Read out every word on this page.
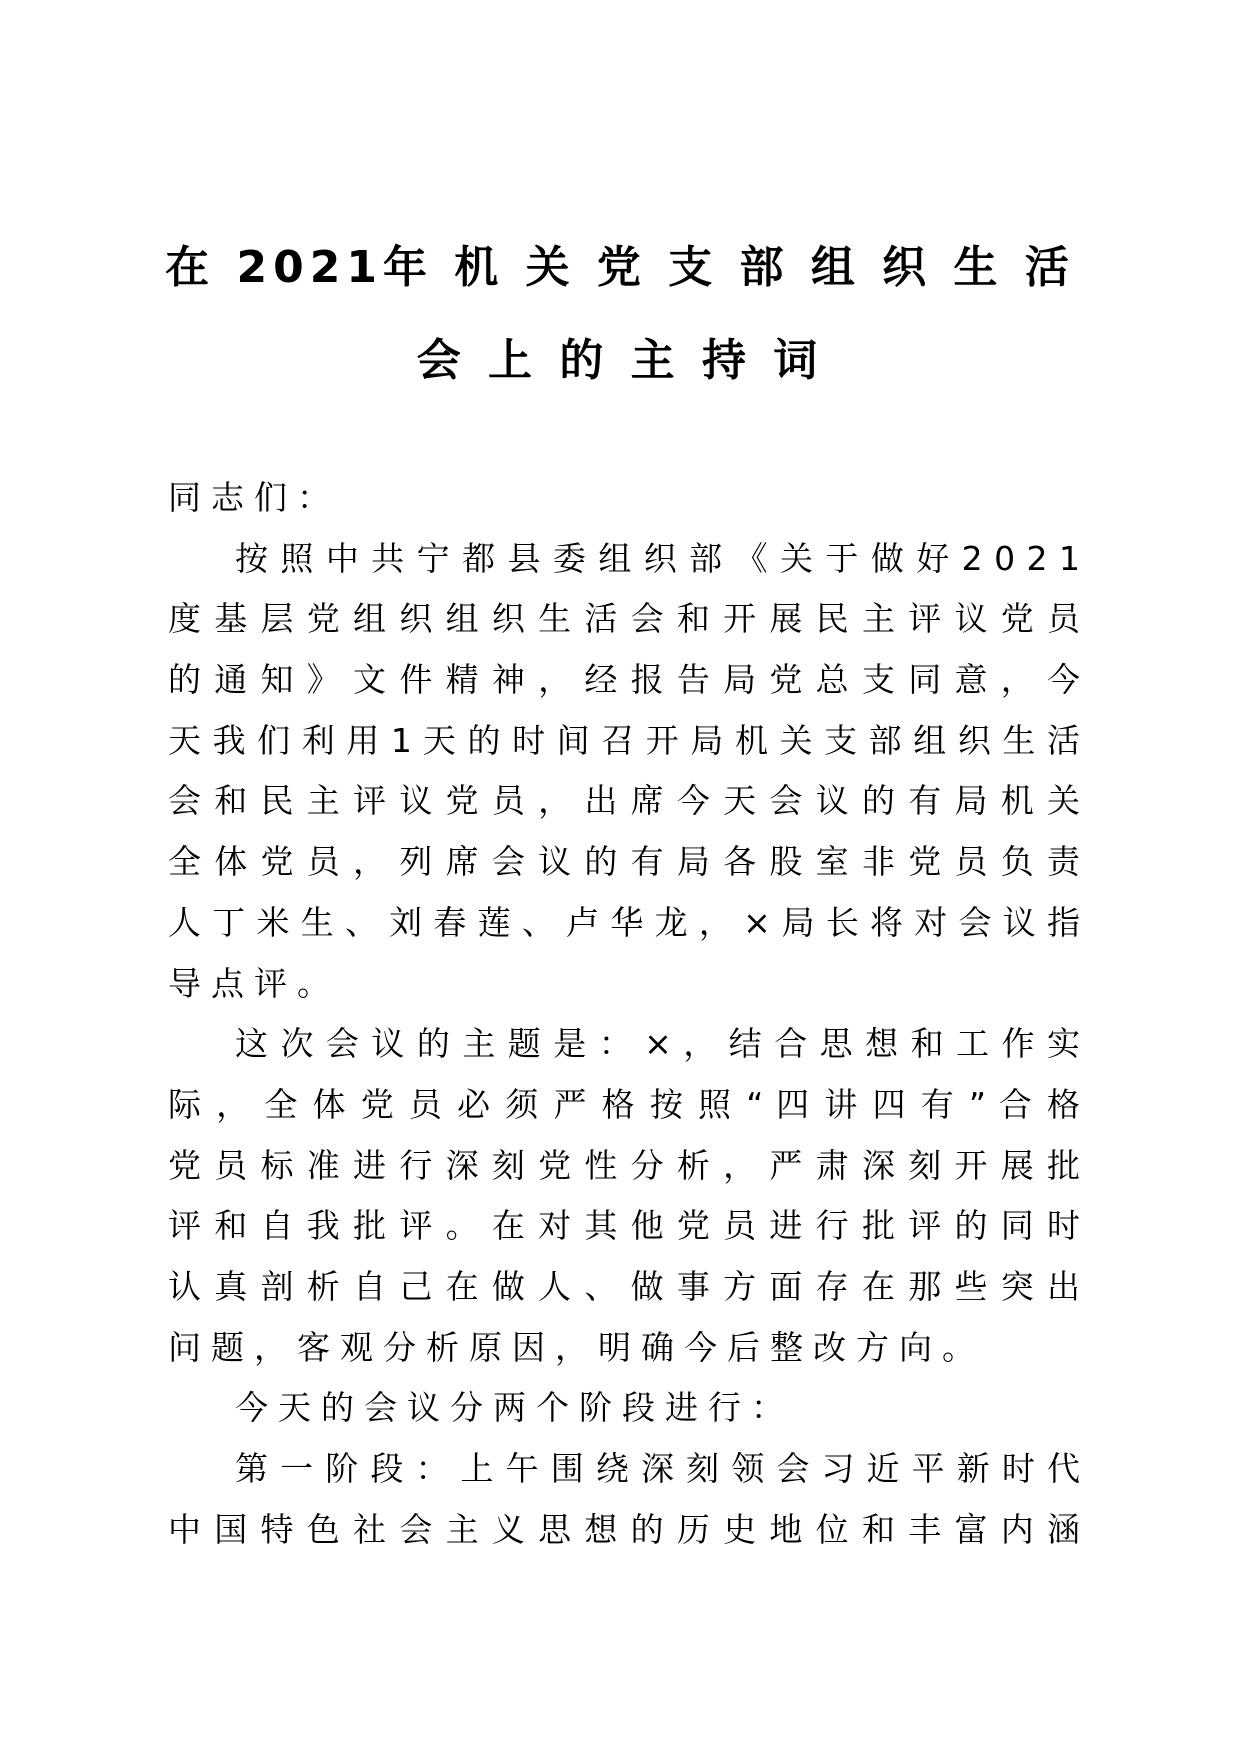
在 2021年 机 关 党 支 部 组 织 生 活
会 上 的 主 持 词
同志们：
按​ 照​ 中​ 共​ 宁​ 都​ 县​ 委​ 组​ 织​ 部​ 《​ 关​ 于​ 做​ 好​ 2​ 0​ 2​ 1​
度​ 基​ 层​ 党​ 组​ 织​ 组​ 织​ 生​ 活​ 会​ 和​ 开​ 展​ 民​ 主​ 评​ 议​ 党​ 员
的​ 通​ 知​ 》​ 文​ 件​ 精​ 神​ ，​ 经​ 报​ 告​ 局​ 党​ 总​ 支​ 同​ 意​ ，​ 今
天​ 我​ 们​ 利​ 用​ 1​ 天​ 的​ 时​ 间​ 召​ 开​ 局​ 机​ 关​ 支​ 部​ 组​ 织​ 生​ 活
会​ 和​ 民​ 主​ 评​ 议​ 党​ 员​ ，​ 出​ 席​ 今​ 天​ 会​ 议​ 的​ 有​ 局​ 机​ 关
全​ 体​ 党​ 员​ ，​ 列​ 席​ 会​ 议​ 的​ 有​ 局​ 各​ 股​ 室​ 非​ 党​ 员​ 负​ 责
人​ 丁​ 米​ 生​ 、​ 刘​ 春​ 莲​ 、​ 卢​ 华​ 龙​ ，​ ×​ 局​ 长​ 将​ 对​ 会​ 议​ 指
导点评。
这​ 次​ 会​ 议​ 的​ 主​ 题​ 是​ ：​ ×​ ，​ 结​ 合​ 思​ 想​ 和​ 工​ 作​ 实
际​ ，​ 全​ 体​ 党​ 员​ 必​ 须​ 严​ 格​ 按​ 照​ “​ 四​ 讲​ 四​ 有​ ”​ 合​ 格
党​ 员​ 标​ 准​ 进​ 行​ 深​ 刻​ 党​ 性​ 分​ 析​ ，​ 严​ 肃​ 深​ 刻​ 开​ 展​ 批
评​ 和​ 自​ 我​ 批​ 评​ 。​ 在​ 对​ 其​ 他​ 党​ 员​ 进​ 行​ 批​ 评​ 的​ 同​ 时
认​ 真​ 剖​ 析​ 自​ 己​ 在​ 做​ 人​ 、​ 做​ 事​ 方​ 面​ 存​ 在​ 那​ 些​ 突​ 出
问题，客观分析原因，明确今后整改方向。
今天的会议分两个阶段进行：
第​ 一​ 阶​ 段​ ：​ 上​ 午​ 围​ 绕​ 深​ 刻​ 领​ 会​ 习​ 近​ 平​ 新​ 时​ 代
中​ 国​ 特​ 色​ 社​ 会​ 主​ 义​ 思​ 想​ 的​ 历​ 史​ 地​ 位​ 和​ 丰​ 富​ 内​ 涵
